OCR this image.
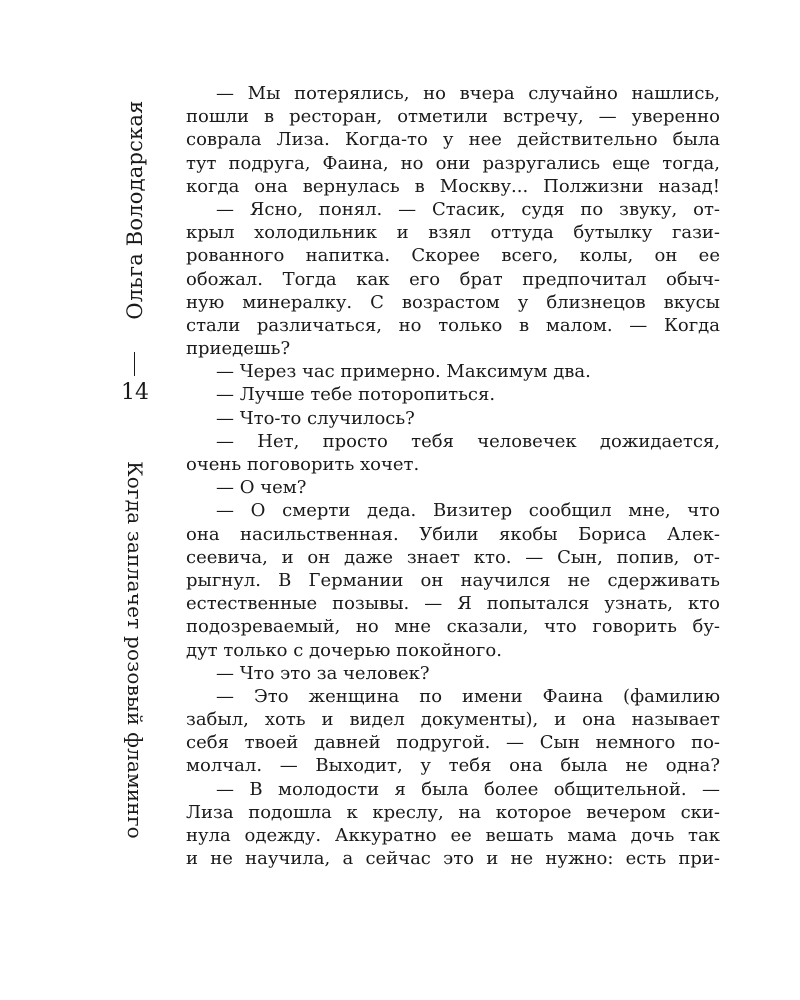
Ольга Володарская
14
Когда заплачет розовый фламинго
— Мы потерялись, но вчера случайно нашлись,
пошли в ресторан, отметили встречу, — уверенно
соврала Лиза. Когда-то у нее действительно была
тут подруга, Фаина, но они разругались еще тогда,
когда она вернулась в Москву... Полжизни назад!
— Ясно, понял. — Стасик, судя по звуку, от-
крыл холодильник и взял оттуда бутылку гази-
рованного напитка. Скорее всего, колы, он ее
обожал. Тогда как его брат предпочитал обыч-
ную минералку. С возрастом у близнецов вкусы
стали различаться, но только в малом. — Когда
приедешь?
— Через час примерно. Максимум два.
— Лучше тебе поторопиться.
— Что-то случилось?
— Нет, просто тебя человечек дожидается,
очень поговорить хочет.
— О чем?
— О смерти деда. Визитер сообщил мне, что
она насильственная. Убили якобы Бориса Алек-
сеевича, и он даже знает кто. — Сын, попив, от-
рыгнул. В Германии он научился не сдерживать
естественные позывы. — Я попытался узнать, кто
подозреваемый, но мне сказали, что говорить бу-
дут только с дочерью покойного.
— Что это за человек?
— Это женщина по имени Фаина (фамилию
забыл, хоть и видел документы), и она называет
себя твоей давней подругой. — Сын немного по-
молчал. — Выходит, у тебя она была не одна?
— В молодости я была более общительной. —
Лиза подошла к креслу, на которое вечером ски-
нула одежду. Аккуратно ее вешать мама дочь так
и не научила, а сейчас это и не нужно: есть при-
